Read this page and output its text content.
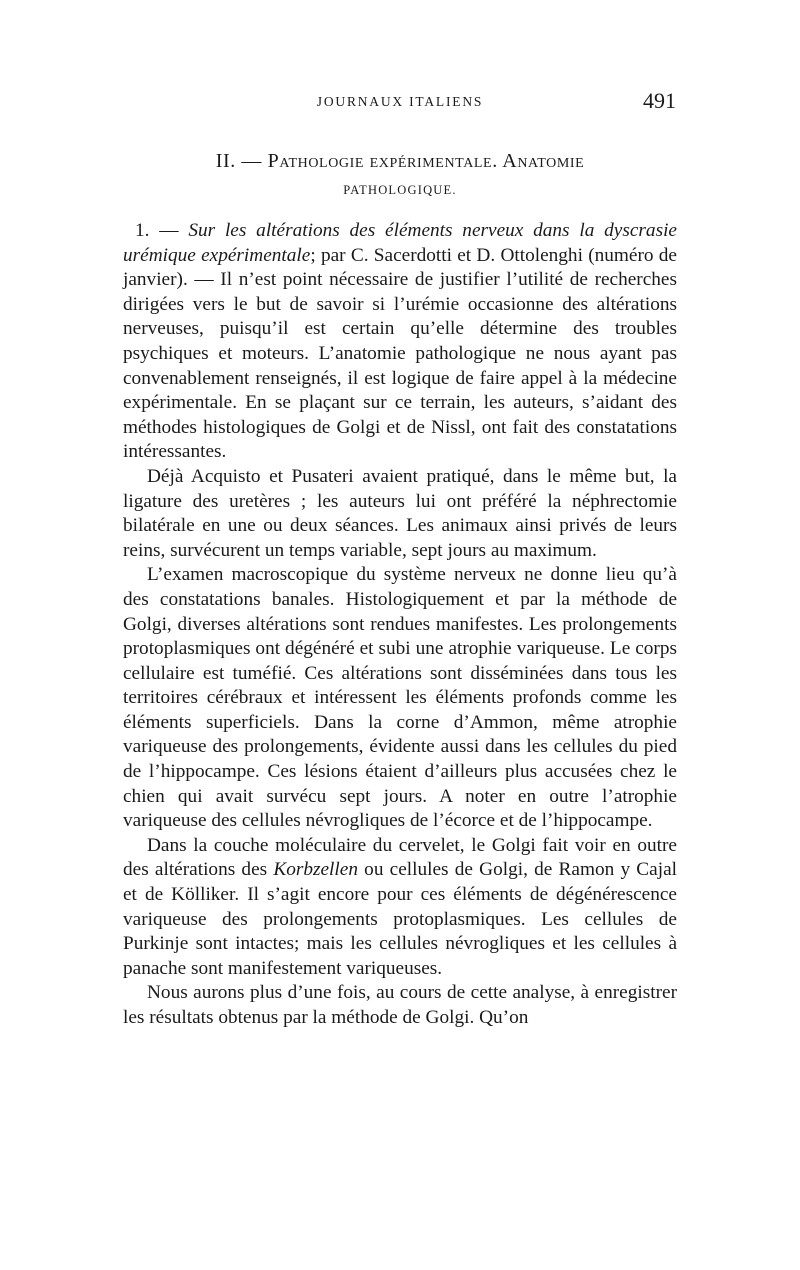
JOURNAUX ITALIENS	491
II. — Pathologie expérimentale. Anatomie
PATHOLOGIQUE.

1. — Sur les altérations des éléments nerveux dans la dyscrasie urémique expérimentale; par C. Sacerdotti et D. Ottolenghi (numéro de janvier). — Il n’est point nécessaire de justifier l’utilité de recherches dirigées vers le but de savoir si l’urémie occasionne des altérations nerveuses, puisqu’il est certain qu’elle détermine des troubles psychiques et moteurs. L’anatomie pathologique ne nous ayant pas convenablement renseignés, il est logique de faire appel à la médecine expérimentale. En se plaçant sur ce terrain, les auteurs, s’aidant des méthodes histologiques de Golgi et de Nissl, ont fait des constatations intéressantes.

Déjà Acquisto et Pusateri avaient pratiqué, dans le même but, la ligature des uretères ; les auteurs lui ont préféré la néphrectomie bilatérale en une ou deux séances. Les animaux ainsi privés de leurs reins, survécurent un temps variable, sept jours au maximum.

L’examen macroscopique du système nerveux ne donne lieu qu’à des constatations banales. Histologiquement et par la méthode de Golgi, diverses altérations sont rendues manifestes. Les prolongements protoplasmiques ont dégénéré et subi une atrophie variqueuse. Le corps cellulaire est tuméfié. Ces altérations sont disséminées dans tous les territoires cérébraux et intéressent les éléments profonds comme les éléments superficiels. Dans la corne d’Ammon, même atrophie variqueuse des prolongements, évidente aussi dans les cellules du pied de l’hippocampe. Ces lésions étaient d’ailleurs plus accusées chez le chien qui avait survécu sept jours. A noter en outre l’atrophie variqueuse des cellules névrogliques de l’écorce et de l’hippocampe.

Dans la couche moléculaire du cervelet, le Golgi fait voir en outre des altérations des Korbzellen ou cellules de Golgi, de Ramon y Cajal et de Kölliker. Il s’agit encore pour ces éléments de dégénérescence variqueuse des prolongements protoplasmiques. Les cellules de Purkinje sont intactes; mais les cellules névrogliques et les cellules à panache sont manifestement variqueuses.

Nous aurons plus d’une fois, au cours de cette analyse, à enregistrer les résultats obtenus par la méthode de Golgi. Qu’on
